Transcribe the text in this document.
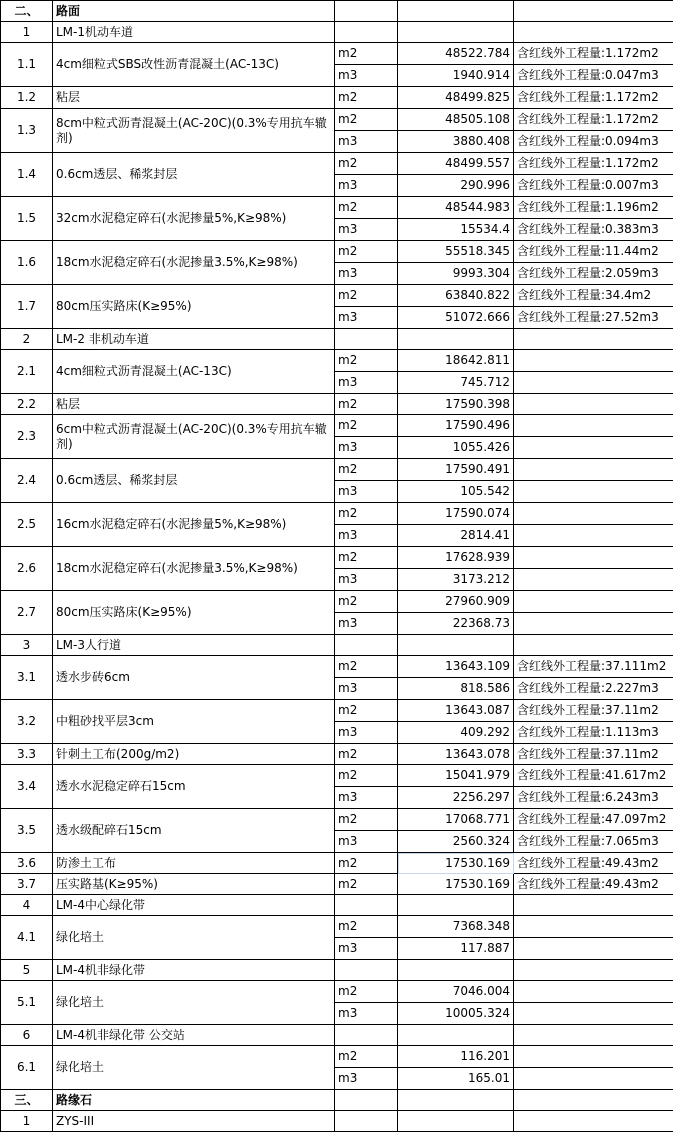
二、	路面			
1	LM-1机动车道			
1.1	4cm细粒式SBS改性沥青混凝土(AC-13C)	m2	48522.784	含红线外工程量:1.172m2
		m3	1940.914	含红线外工程量:0.047m3
1.2	粘层	m2	48499.825	含红线外工程量:1.172m2
1.3	8cm中粒式沥青混凝土(AC-20C)(0.3%专用抗车辙剂)	m2	48505.108	含红线外工程量:1.172m2
		m3	3880.408	含红线外工程量:0.094m3
1.4	0.6cm透层、稀浆封层	m2	48499.557	含红线外工程量:1.172m2
		m3	290.996	含红线外工程量:0.007m3
1.5	32cm水泥稳定碎石(水泥掺量5%,K≥98%)	m2	48544.983	含红线外工程量:1.196m2
		m3	15534.4	含红线外工程量:0.383m3
1.6	18cm水泥稳定碎石(水泥掺量3.5%,K≥98%)	m2	55518.345	含红线外工程量:11.44m2
		m3	9993.304	含红线外工程量:2.059m3
1.7	80cm压实路床(K≥95%)	m2	63840.822	含红线外工程量:34.4m2
		m3	51072.666	含红线外工程量:27.52m3
2	LM-2 非机动车道			
2.1	4cm细粒式沥青混凝土(AC-13C)	m2	18642.811	
		m3	745.712	
2.2	粘层	m2	17590.398	
2.3	6cm中粒式沥青混凝土(AC-20C)(0.3%专用抗车辙剂)	m2	17590.496	
		m3	1055.426	
2.4	0.6cm透层、稀浆封层	m2	17590.491	
		m3	105.542	
2.5	16cm水泥稳定碎石(水泥掺量5%,K≥98%)	m2	17590.074	
		m3	2814.41	
2.6	18cm水泥稳定碎石(水泥掺量3.5%,K≥98%)	m2	17628.939	
		m3	3173.212	
2.7	80cm压实路床(K≥95%)	m2	27960.909	
		m3	22368.73	
3	LM-3人行道			
3.1	透水步砖6cm	m2	13643.109	含红线外工程量:37.111m2
		m3	818.586	含红线外工程量:2.227m3
3.2	中粗砂找平层3cm	m2	13643.087	含红线外工程量:37.11m2
		m3	409.292	含红线外工程量:1.113m3
3.3	针刺土工布(200g/m2)	m2	13643.078	含红线外工程量:37.11m2
3.4	透水水泥稳定碎石15cm	m2	15041.979	含红线外工程量:41.617m2
		m3	2256.297	含红线外工程量:6.243m3
3.5	透水级配碎石15cm	m2	17068.771	含红线外工程量:47.097m2
		m3	2560.324	含红线外工程量:7.065m3
3.6	防渗土工布	m2	17530.169	含红线外工程量:49.43m2
3.7	压实路基(K≥95%)	m2	17530.169	含红线外工程量:49.43m2
4	LM-4中心绿化带			
4.1	绿化培土	m2	7368.348	
		m3	117.887	
5	LM-4机非绿化带			
5.1	绿化培土	m2	7046.004	
		m3	10005.324	
6	LM-4机非绿化带 公交站			
6.1	绿化培土	m2	116.201	
		m3	165.01	
三、	路缘石			
1	ZYS-III			
